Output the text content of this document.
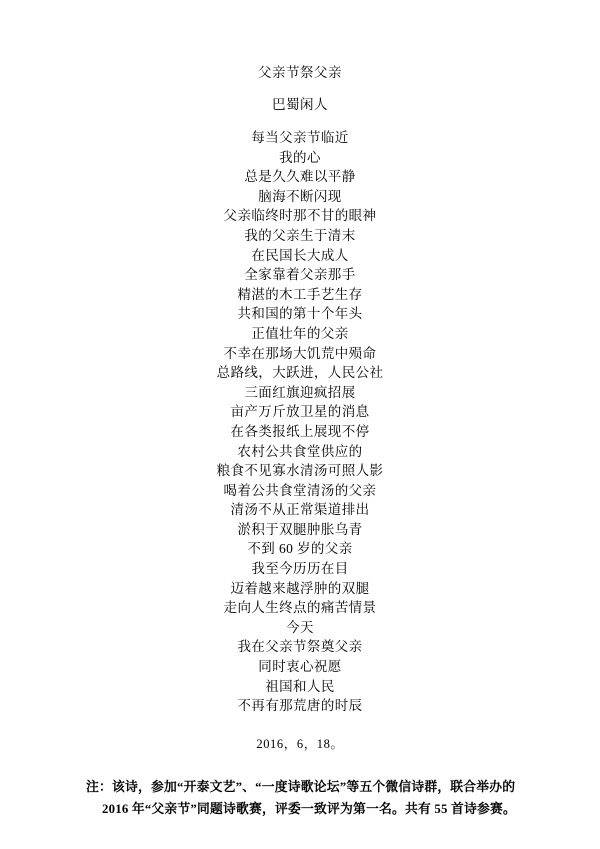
父亲节祭父亲
巴蜀闲人
每当父亲节临近
我的心
总是久久难以平静
脑海不断闪现
父亲临终时那不甘的眼神
我的父亲生于清末
在民国长大成人
全家靠着父亲那手
精湛的木工手艺生存
共和国的第十个年头
正值壮年的父亲
不幸在那场大饥荒中殒命
总路线，大跃进，人民公社
三面红旗迎疯招展
亩产万斤放卫星的消息
在各类报纸上展现不停
农村公共食堂供应的
粮食不见寡水清汤可照人影
喝着公共食堂清汤的父亲
清汤不从正常渠道排出
淤积于双腿肿胀乌青
不到 60 岁的父亲
我至今历历在目
迈着越来越浮肿的双腿
走向人生终点的痛苦情景
今天
我在父亲节祭奠父亲
同时衷心祝愿
祖国和人民
不再有那荒唐的时辰
2016，6，18。
注：该诗，参加“开泰文艺”、“一度诗歌论坛”等五个微信诗群，联合举办的
2016 年“父亲节”同题诗歌赛，评委一致评为第一名。共有 55 首诗参赛。
